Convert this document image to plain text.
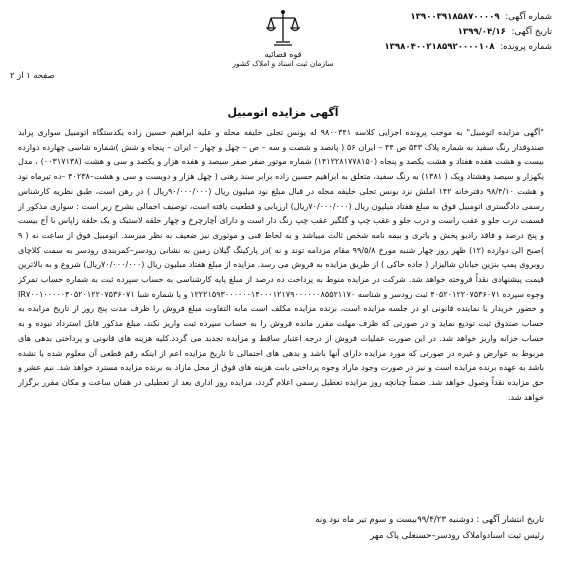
شماره آگهی: ۱۳۹۰۰۳۹۱۸۵۸۷۰۰۰۰۹
تاریخ آگهی: ۱۳۹۹/۰۴/۱۶
شماره پرونده: ۱۳۹۸۰۴۰۰۲۱۸۵۹۲۰۰۰۰۱۰۸
قوه قضائیه
سازمان ثبت اسناد و املاک کشور
صفحه ۱ از ۲
آگهی مزایده اتومبیل
"آگهی مزایده اتومبیل" به موجب پرونده اجرایی کلاسه ۹۸۰۰۳۴۱ له یونس تجلی خلیفه محله و علیه ابراهیم حسین زاده یکدستگاه اتومبیل سواری پراید صندوقدار رنگ سفید به شماره پلاک ۵۴۳ ص ۴۴ – ایران ۵۶ ( پانصد و شصت و سه – ص – چهل و چهار – ایران – پنجاه و شش )شماره شاسی چهارده دوازده بیست و هشت هفده هفتاد و هشت یکصد و پنجاه (۱۴۱۲۲۸۱۷۷۸۱۵۰) شماره موتور صفر صفر سیصد و هفده هزار و یکصد و سی و هشت (۰۰۳۱۷۱۳۸) ، مدل یکهزار و سیصد وهشتاد ویک ( ۱۳۸۱) به رنگ سفید، متعلق به ابراهیم حسین زاده برابر سند رهنی ( چهل هزار و دویست و سی و هشت–۴۰۲۳۸ –ده تیرماه نود و هشت ۹۸/۴/۱۰ دفترخانه ۱۴۲ املش نزد یونس تجلی خلیفه محله در قبال مبلغ نود میلیون ریال (۹۰/۰۰۰/۰۰۰ریال ) در رهن است، طبق نظریه کارشناس رسمی دادگستری اتومبیل فوق به مبلغ هفتاد میلیون ریال (۷۰/۰۰۰/۰۰۰ریال) ارزیابی و قطعیت یافته است، توصیف اجمالی بشرح زیر است : سواری مذکور از قسمت درب جلو و عقب راست و درب جلو و عقب چپ و گلگیر عقب چپ رنگ دار است و دارای آچارچرخ و چهار حلقه لاستیک و یک حلقه زاپاس با آج بیست و پنج درصد و فاقد رادیو پخش و باتری و بیمه نامه شخص ثالث میباشد و به لحاظ فنی و موتوری نیز ضعیف به نظر میرسد. اتومبیل فوق از ساعت نه ( ۹ )صبح الی دوازده (۱۲) ظهر روز چهار شنبه مورخ ۹۹/۵/۸ مقام مزدامه توند و نه )در پارکینگ گیلان زمین به نشانی رودسر–کمربندی رودسر به سمت کلاچای روبروی پمپ بنزین خیابان شالیزار ( جاده خاکی ) از طریق مزایده به فروش می رسد. مزایده از مبلغ هفتاد میلیون ریال (۷۰/۰۰۰/۰۰۰ریال) شروع و به بالاترین قیمت پیشنهادی نقداً فروخته خواهد شد. شرکت در مزایده منوط به پرداخت ده درصد از مبلغ پایه کارشناسی به حساب سپرده ثبت به شماره حساب تمرکز وجوه سپرده ۴۰۵۲۰۱۲۲۰۷۵۳۶۰۷۱ ثبت رودسر و شناسه ۱۲۲۲۱۵۹۳۰۰۰۰۰۰۱۴۰۰۰۱۲۱۷۹۰۰۰۰۰۰۸۵۵۲۱۱۷۰ و یا شماره شبا IR۷۰۰۱۰۰۰۰۰۴۰۵۲۰۱۲۲۰۷۵۳۶۰۷۱ و حضور خریدار یا نماینده قانونی او در جلسه مزایده است، برنده مزایده مکلف است مابه التفاوت مبلغ فروش را ظرف مدت پنج روز از تاریخ مزایده به حساب صندوق ثبت تودیع نماید و در صورتی که ظرف مهلت مقرر مانده فروش را به حساب سپرده ثبت واریز نکند، مبلغ مذکور قابل استرداد نبوده و به حساب خزانه واریز خواهد شد. در این صورت عملیات فروش از درجه اعتبار ساقط و مزایده تجدید می گردد.کلیه هزینه های قانونی و پرداختی بدهی های مربوط به عوارض و غیره در صورتی که مورد مزایده دارای آنها باشد و بدهی های احتمالی تا تاریخ مزایده اعم از اینکه رقم قطعی آن معلوم شده یا نشده باشد به عهده برنده مزایده است و نیز در صورت وجود مازاد وجوه پرداختی بابت هزینه های فوق از محل مازاد به برنده مزایده مسترد خواهد شد. نیم عشر و حق مزایده نقداً وصول خواهد شد. ضمناً چنانچه روز مزایده تعطیل رسمی اعلام گردد، مزایده روز اداری بعد از تعطیلی در همان ساعت و مکان مقرر برگزار خواهد شد.
تاریخ انتشار آگهی : دوشنبه ۹۹/۴/۲۳بیست و سوم تیر ماه نود ونه
رئیس ثبت اسنادواملاک رودسر–حسنعلی پاک مهر
